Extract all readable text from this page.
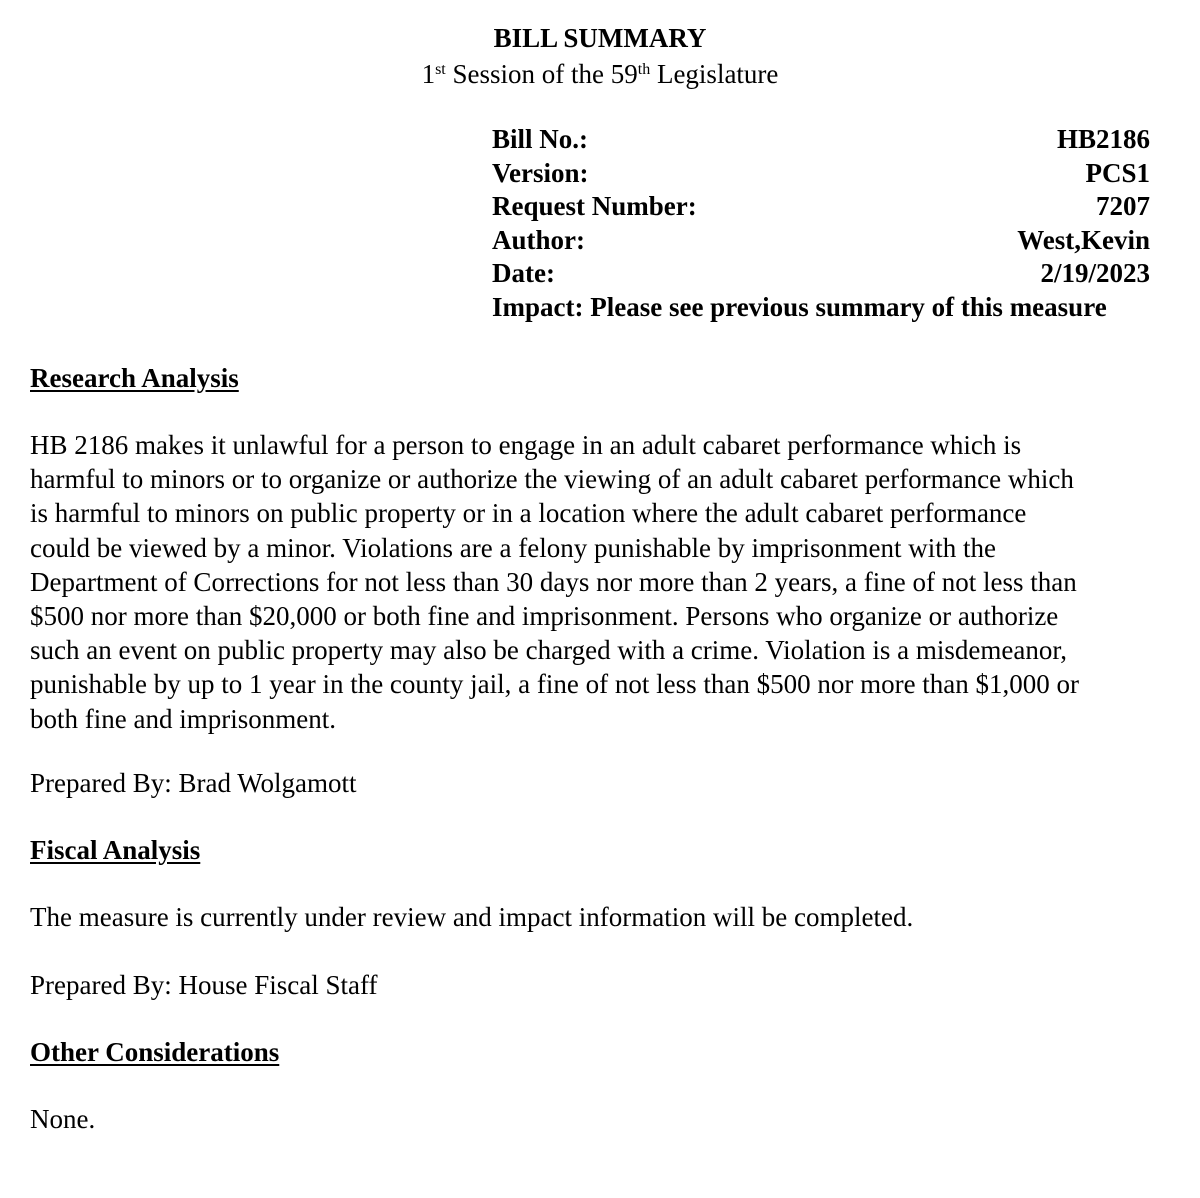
BILL SUMMARY
1st Session of the 59th Legislature
Bill No.:	HB2186
Version:	PCS1
Request Number:	7207
Author:	West,Kevin
Date:	2/19/2023
Impact: Please see previous summary of this measure
Research Analysis
HB 2186 makes it unlawful for a person to engage in an adult cabaret performance which is
harmful to minors or to organize or authorize the viewing of an adult cabaret performance which
is harmful to minors on public property or in a location where the adult cabaret performance
could be viewed by a minor. Violations are a felony punishable by imprisonment with the
Department of Corrections for not less than 30 days nor more than 2 years, a fine of not less than
$500 nor more than $20,000 or both fine and imprisonment. Persons who organize or authorize
such an event on public property may also be charged with a crime. Violation is a misdemeanor,
punishable by up to 1 year in the county jail, a fine of not less than $500 nor more than $1,000 or
both fine and imprisonment.
Prepared By: Brad Wolgamott
Fiscal Analysis
The measure is currently under review and impact information will be completed.
Prepared By: House Fiscal Staff
Other Considerations
None.
